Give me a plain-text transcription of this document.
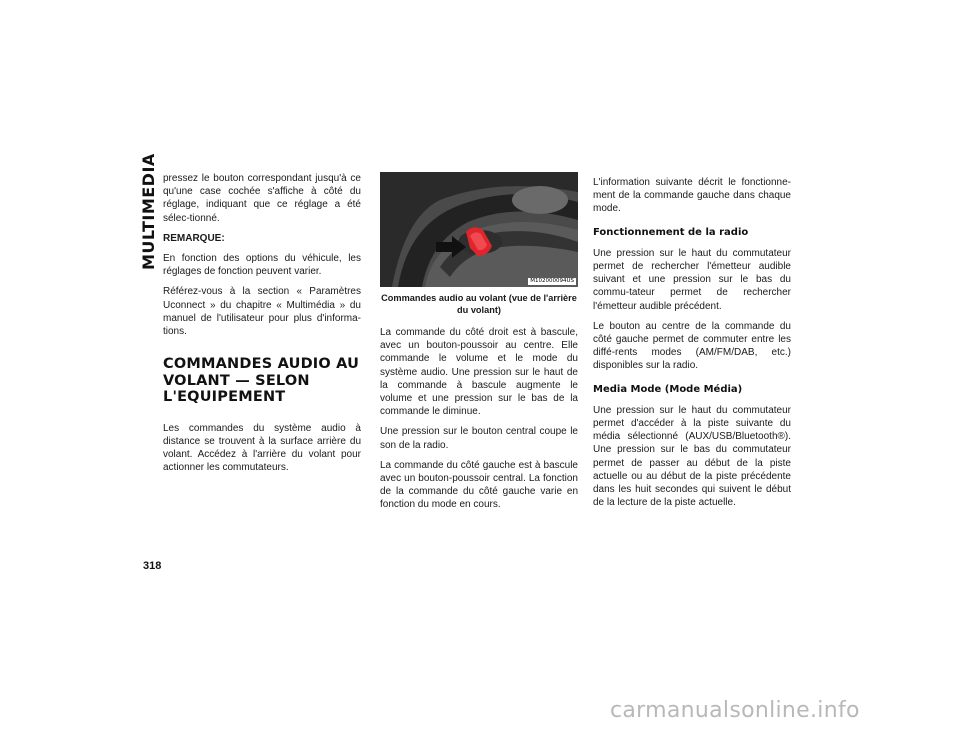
MULTIMEDIA pressez le bouton correspondant jusqu'à ce qu'une case cochée s'affiche à côté du réglage, indiquant que ce réglage a été sélec-tionné.

REMARQUE:

En fonction des options du véhicule, les réglages de fonction peuvent varier.

Référez-vous à la section « Paramètres Uconnect » du chapitre « Multimédia » du manuel de l'utilisateur pour plus d'informa-tions.

COMMANDES AUDIO AU
VOLANT — SELON
L'EQUIPEMENT

Les commandes du système audio à distance se trouvent à la surface arrière du volant. Accédez à l'arrière du volant pour actionner les commutateurs.

M102000094US
Commandes audio au volant (vue de l'arrière du volant)

La commande du côté droit est à bascule, avec un bouton-poussoir au centre. Elle commande le volume et le mode du système audio. Une pression sur le haut de la commande à bascule augmente le volume et une pression sur le bas de la commande le diminue.

Une pression sur le bouton central coupe le son de la radio.

La commande du côté gauche est à bascule avec un bouton-poussoir central. La fonction de la commande du côté gauche varie en fonction du mode en cours.

L'information suivante décrit le fonctionne-ment de la commande gauche dans chaque mode.

Fonctionnement de la radio

Une pression sur le haut du commutateur permet de rechercher l'émetteur audible suivant et une pression sur le bas du commu-tateur permet de rechercher l'émetteur audible précédent.

Le bouton au centre de la commande du côté gauche permet de commuter entre les diffé-rents modes (AM/FM/DAB, etc.) disponibles sur la radio.

Media Mode (Mode Média)

Une pression sur le haut du commutateur permet d'accéder à la piste suivante du média sélectionné (AUX/USB/Bluetooth®). Une pression sur le bas du commutateur permet de passer au début de la piste actuelle ou au début de la piste précédente dans les huit secondes qui suivent le début de la lecture de la piste actuelle.

318
carmanualsonline.info
